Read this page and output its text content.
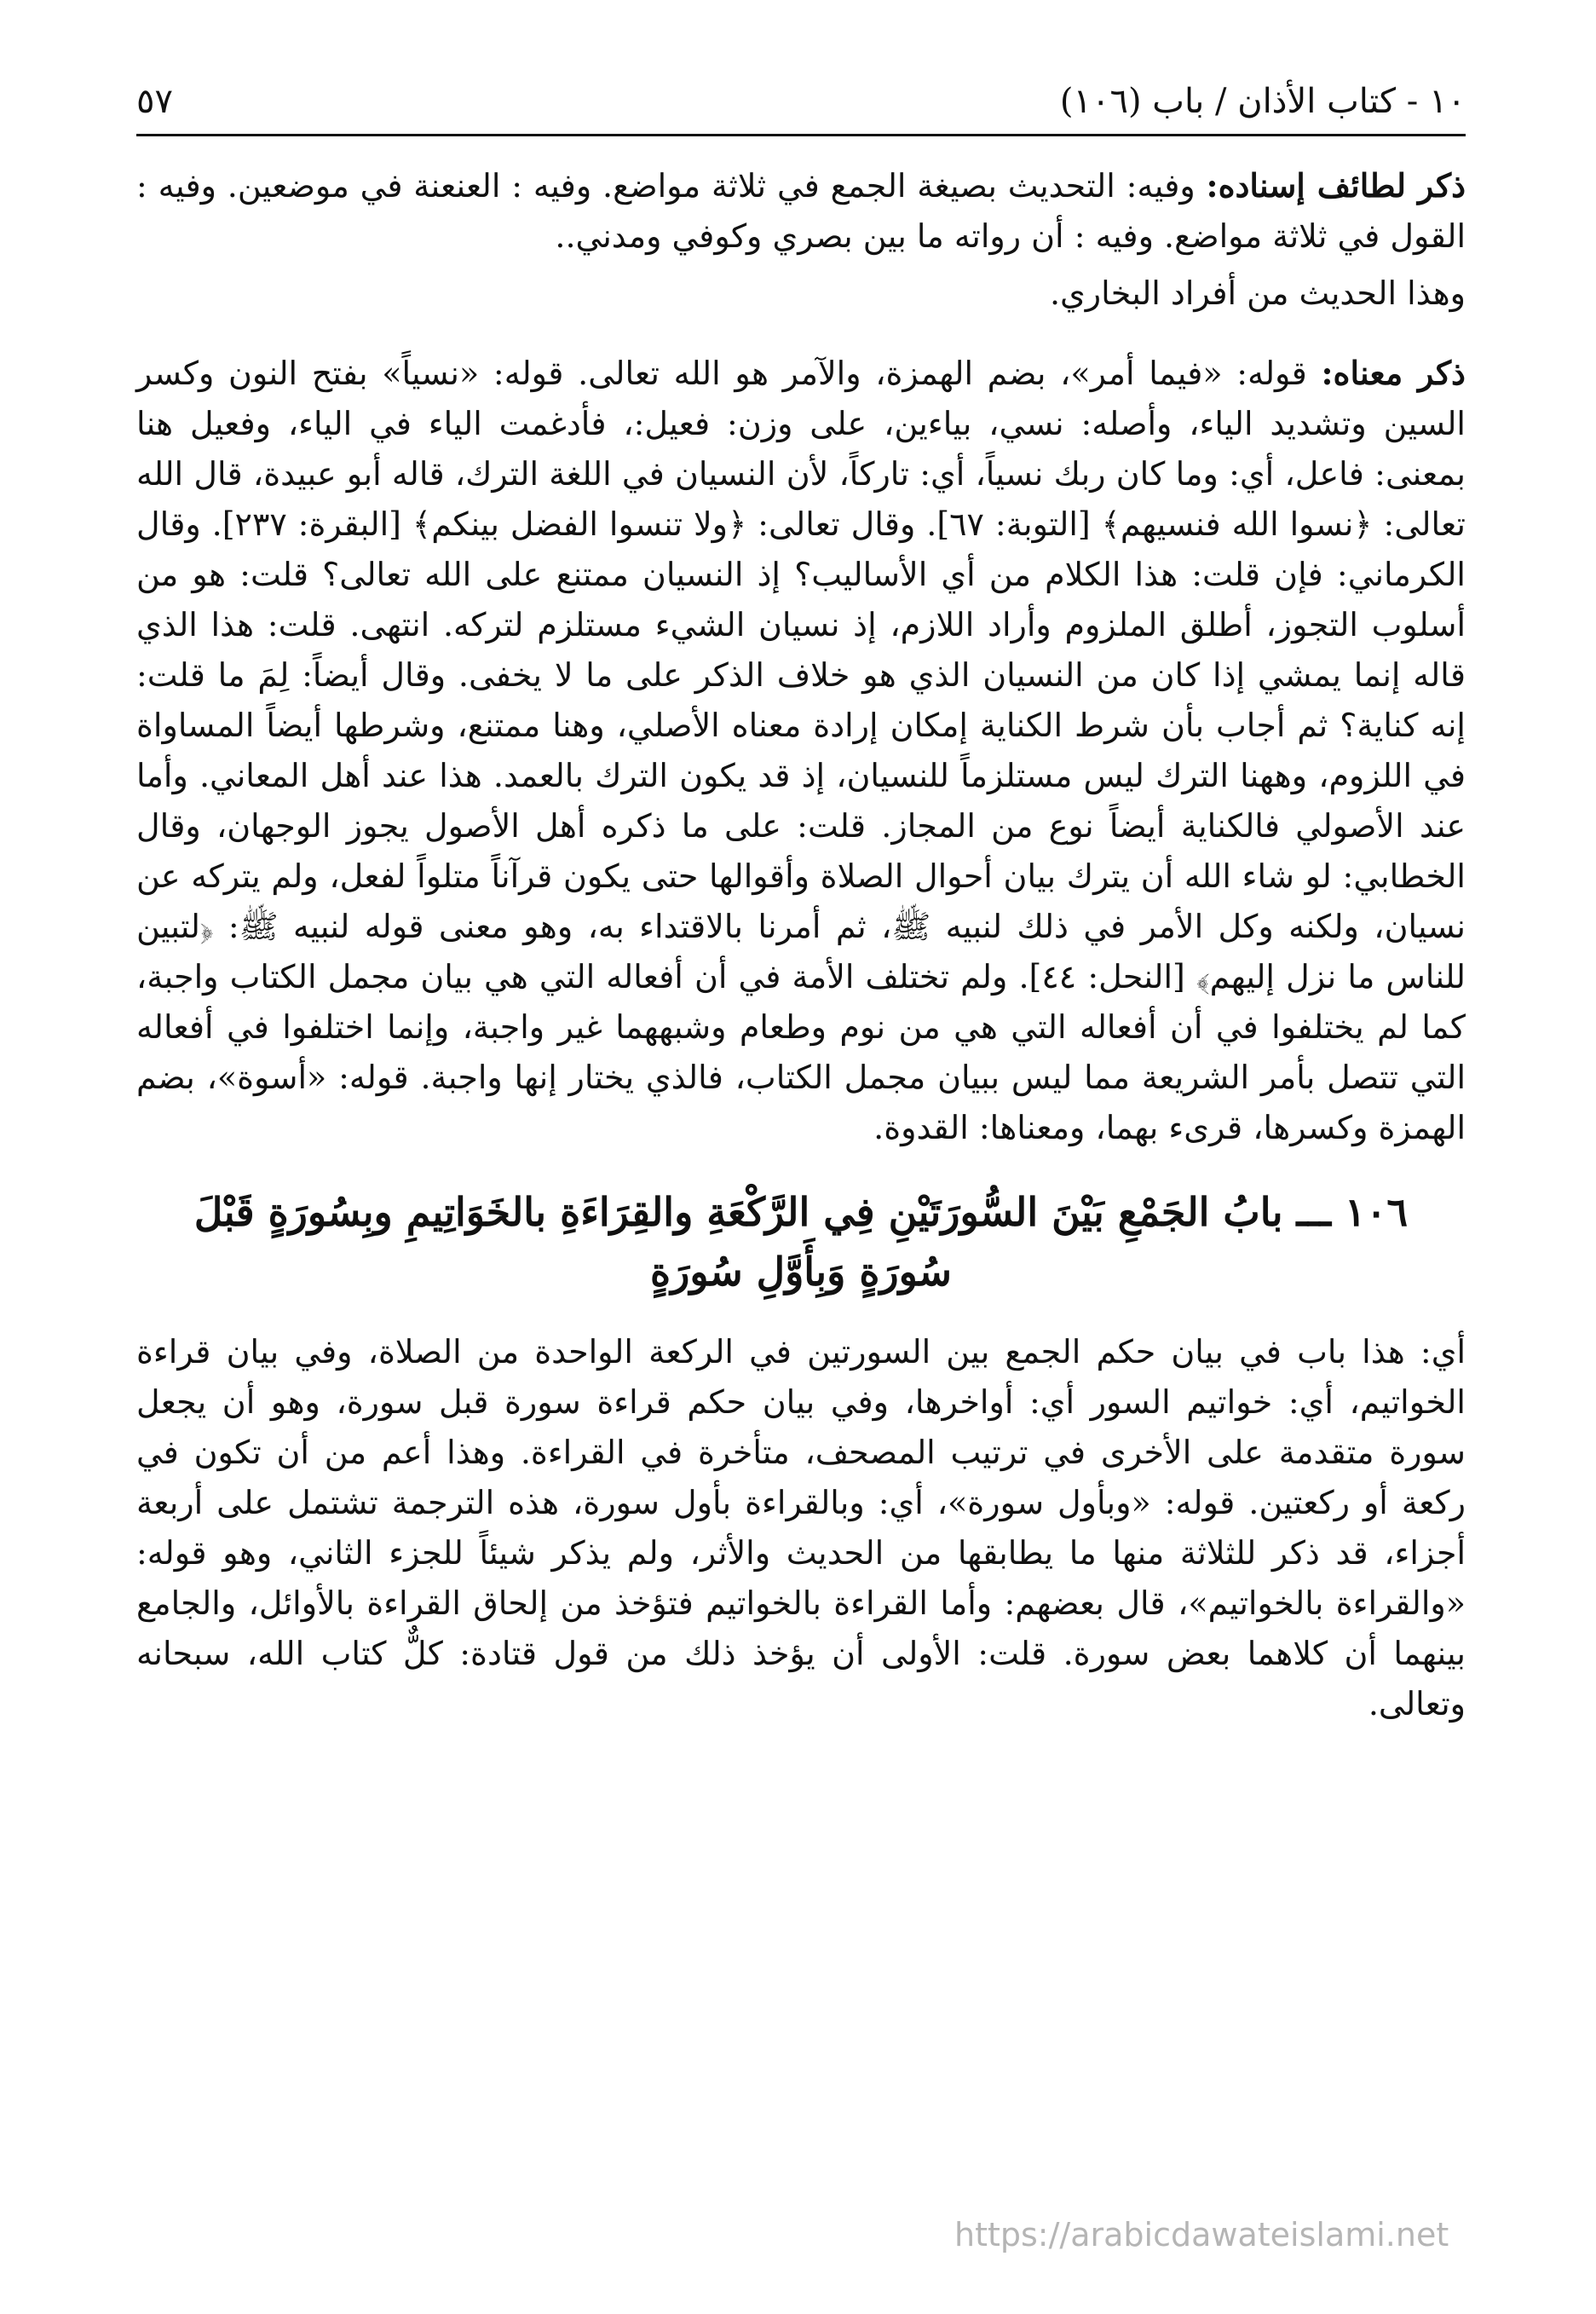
١٠ - كتاب الأذان / باب (١٠٦)
٥٧

ذكر لطائف إسناده: وفيه: التحديث بصيغة الجمع في ثلاثة مواضع. وفيه : العنعنة في موضعين. وفيه : القول في ثلاثة مواضع. وفيه : أن رواته ما بين بصري وكوفي ومدني..

وهذا الحديث من أفراد البخاري.

ذكر معناه: قوله: «فيما أمر»، بضم الهمزة، والآمر هو الله تعالى. قوله: «نسياً» بفتح النون وكسر السين وتشديد الياء، وأصله: نسي، بياءين، على وزن: فعيل:، فأدغمت الياء في الياء، وفعيل هنا بمعنى: فاعل، أي: وما كان ربك نسياً، أي: تاركاً، لأن النسيان في اللغة الترك، قاله أبو عبيدة، قال الله تعالى: ﴿نسوا الله فنسيهم﴾ [التوبة: ٦٧]. وقال تعالى: ﴿ولا تنسوا الفضل بينكم﴾ [البقرة: ٢٣٧]. وقال الكرماني: فإن قلت: هذا الكلام من أي الأساليب؟ إذ النسيان ممتنع على الله تعالى؟ قلت: هو من أسلوب التجوز، أطلق الملزوم وأراد اللازم، إذ نسيان الشيء مستلزم لتركه. انتهى. قلت: هذا الذي قاله إنما يمشي إذا كان من النسيان الذي هو خلاف الذكر على ما لا يخفى. وقال أيضاً: لِمَ ما قلت: إنه كناية؟ ثم أجاب بأن شرط الكناية إمكان إرادة معناه الأصلي، وهنا ممتنع، وشرطها أيضاً المساواة في اللزوم، وههنا الترك ليس مستلزماً للنسيان، إذ قد يكون الترك بالعمد. هذا عند أهل المعاني. وأما عند الأصولي فالكناية أيضاً نوع من المجاز. قلت: على ما ذكره أهل الأصول يجوز الوجهان، وقال الخطابي: لو شاء الله أن يترك بيان أحوال الصلاة وأقوالها حتى يكون قرآناً متلواً لفعل، ولم يتركه عن نسيان، ولكنه وكل الأمر في ذلك لنبيه ﷺ، ثم أمرنا بالاقتداء به، وهو معنى قوله لنبيه ﷺ: ﴿لتبين للناس ما نزل إليهم﴾ [النحل: ٤٤]. ولم تختلف الأمة في أن أفعاله التي هي بيان مجمل الكتاب واجبة، كما لم يختلفوا في أن أفعاله التي هي من نوم وطعام وشبههما غير واجبة، وإنما اختلفوا في أفعاله التي تتصل بأمر الشريعة مما ليس ببيان مجمل الكتاب، فالذي يختار إنها واجبة. قوله: «أسوة»، بضم الهمزة وكسرها، قرىء بهما، ومعناها: القدوة.

١٠٦ ـــ بابُ الجَمْعِ بَيْنَ السُّورَتَيْنِ فِي الرَّكْعَةِ والقِرَاءَةِ بالخَوَاتِيمِ وبِسُورَةٍ قَبْلَ سُورَةٍ وَبِأَوَّلِ سُورَةٍ

أي: هذا باب في بيان حكم الجمع بين السورتين في الركعة الواحدة من الصلاة، وفي بيان قراءة الخواتيم، أي: خواتيم السور أي: أواخرها، وفي بيان حكم قراءة سورة قبل سورة، وهو أن يجعل سورة متقدمة على الأخرى في ترتيب المصحف، متأخرة في القراءة. وهذا أعم من أن تكون في ركعة أو ركعتين. قوله: «وبأول سورة»، أي: وبالقراءة بأول سورة، هذه الترجمة تشتمل على أربعة أجزاء، قد ذكر للثلاثة منها ما يطابقها من الحديث والأثر، ولم يذكر شيئاً للجزء الثاني، وهو قوله: «والقراءة بالخواتيم»، قال بعضهم: وأما القراءة بالخواتيم فتؤخذ من إلحاق القراءة بالأوائل، والجامع بينهما أن كلاهما بعض سورة. قلت: الأولى أن يؤخذ ذلك من قول قتادة: كلٌّ كتاب الله، سبحانه وتعالى.

https://arabicdawateislami.net
